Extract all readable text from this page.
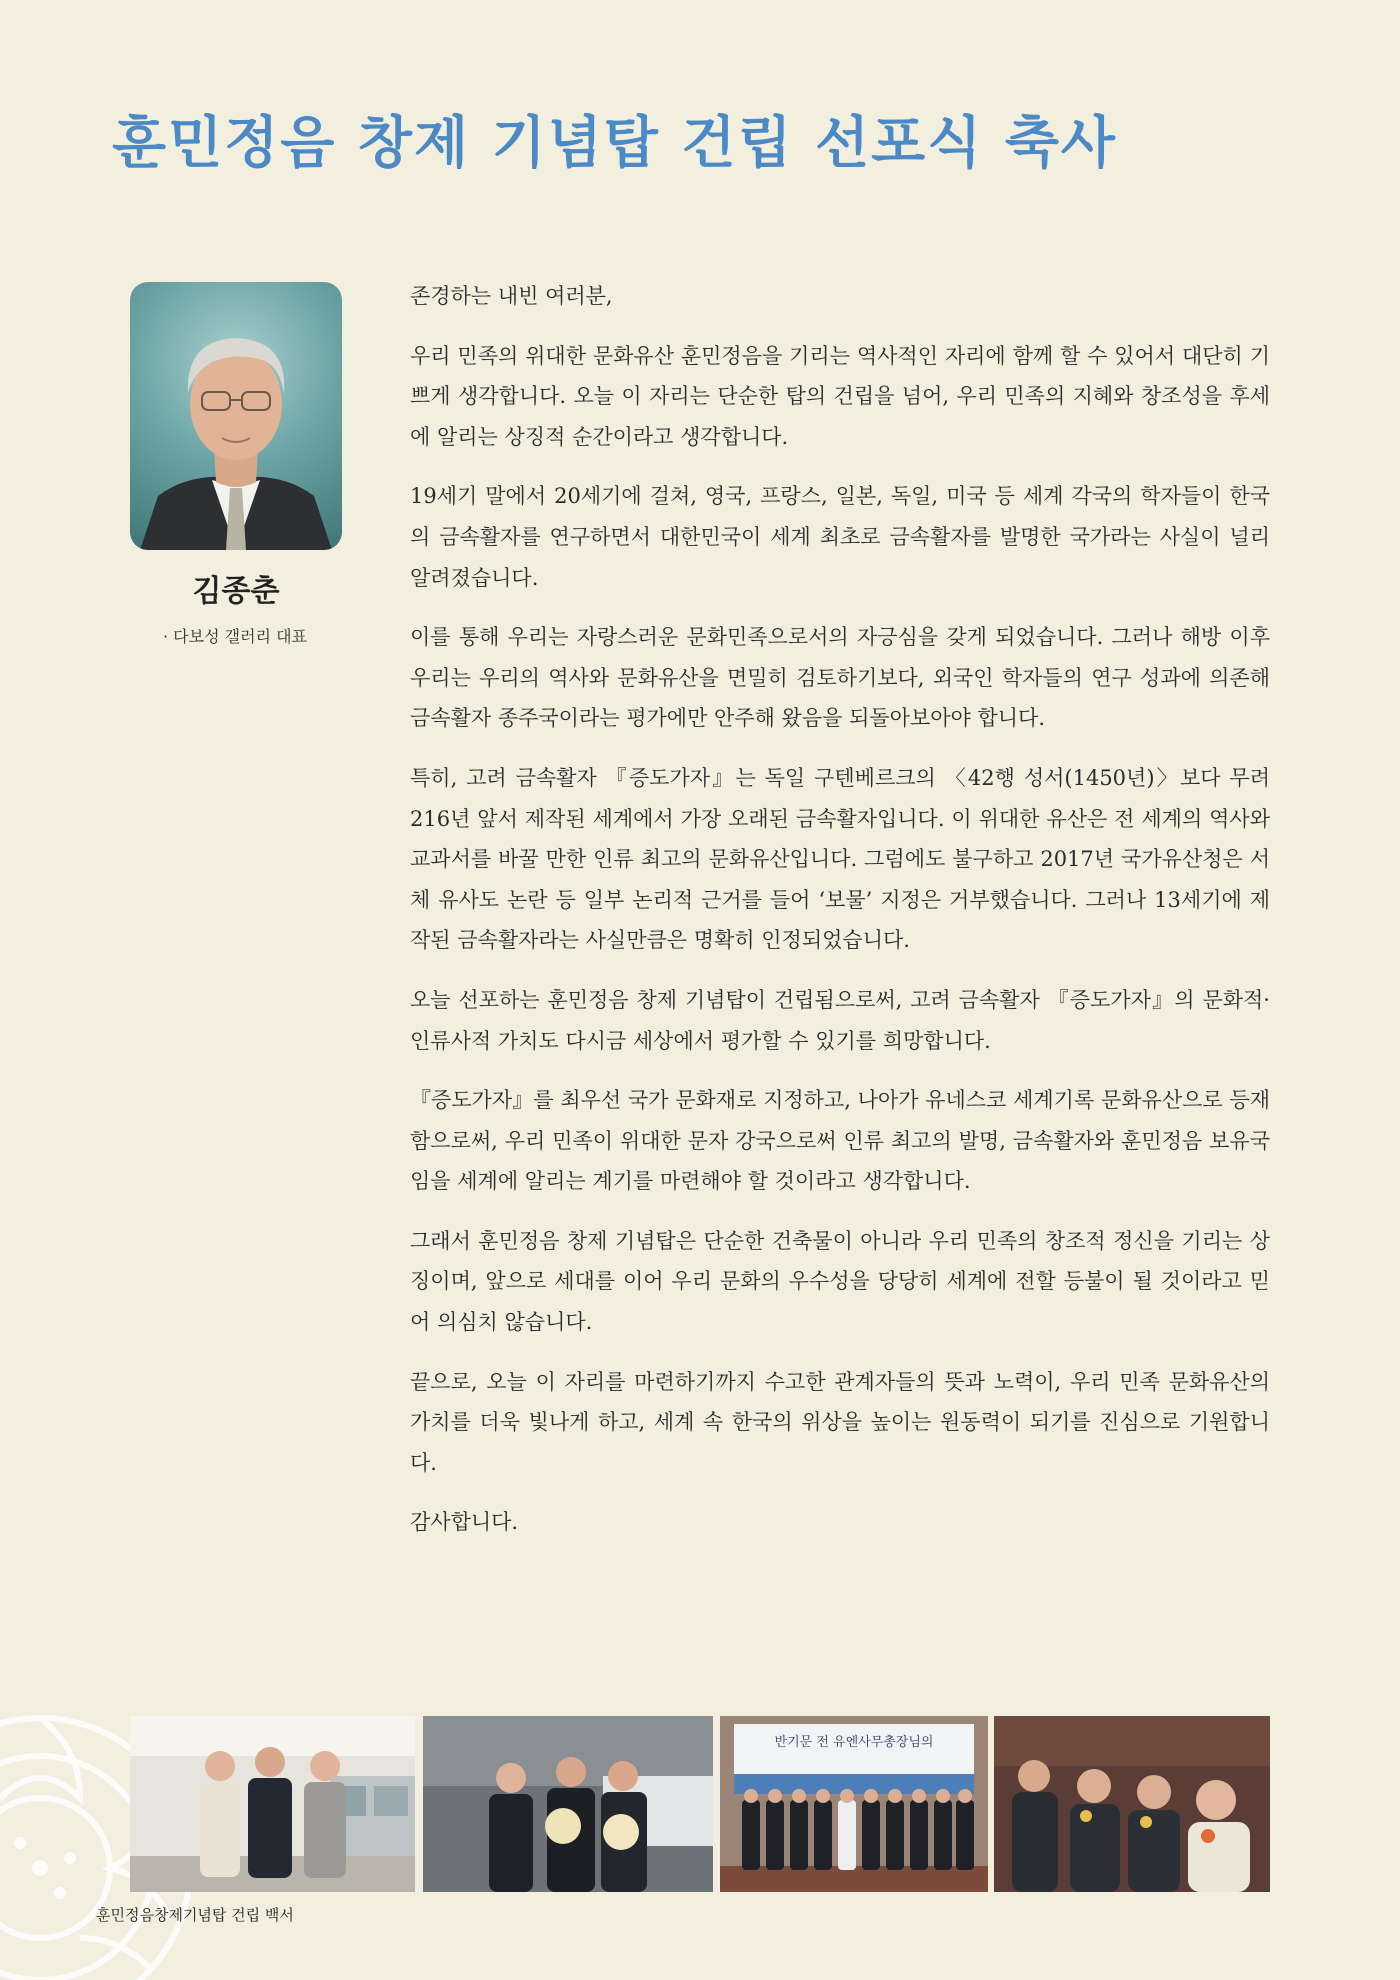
훈민정음 창제 기념탑 건립 선포식 축사
김종춘
· 다보성 갤러리 대표

존경하는 내빈 여러분,

우리 민족의 위대한 문화유산 훈민정음을 기리는 역사적인 자리에 함께 할 수 있어서 대단히 기쁘게 생각합니다. 오늘 이 자리는 단순한 탑의 건립을 넘어, 우리 민족의 지혜와 창조성을 후세에 알리는 상징적 순간이라고 생각합니다.

19세기 말에서 20세기에 걸쳐, 영국, 프랑스, 일본, 독일, 미국 등 세계 각국의 학자들이 한국의 금속활자를 연구하면서 대한민국이 세계 최초로 금속활자를 발명한 국가라는 사실이 널리 알려졌습니다.

이를 통해 우리는 자랑스러운 문화민족으로서의 자긍심을 갖게 되었습니다. 그러나 해방 이후 우리는 우리의 역사와 문화유산을 면밀히 검토하기보다, 외국인 학자들의 연구 성과에 의존해 금속활자 종주국이라는 평가에만 안주해 왔음을 되돌아보아야 합니다.

특히, 고려 금속활자 『증도가자』는 독일 구텐베르크의 〈42행 성서(1450년)〉보다 무려 216년 앞서 제작된 세계에서 가장 오래된 금속활자입니다. 이 위대한 유산은 전 세계의 역사와 교과서를 바꿀 만한 인류 최고의 문화유산입니다. 그럼에도 불구하고 2017년 국가유산청은 서체 유사도 논란 등 일부 논리적 근거를 들어 ‘보물’ 지정은 거부했습니다. 그러나 13세기에 제작된 금속활자라는 사실만큼은 명확히 인정되었습니다.

오늘 선포하는 훈민정음 창제 기념탑이 건립됨으로써, 고려 금속활자 『증도가자』의 문화적·인류사적 가치도 다시금 세상에서 평가할 수 있기를 희망합니다.

『증도가자』를 최우선 국가 문화재로 지정하고, 나아가 유네스코 세계기록 문화유산으로 등재함으로써, 우리 민족이 위대한 문자 강국으로써 인류 최고의 발명, 금속활자와 훈민정음 보유국임을 세계에 알리는 계기를 마련해야 할 것이라고 생각합니다.

그래서 훈민정음 창제 기념탑은 단순한 건축물이 아니라 우리 민족의 창조적 정신을 기리는 상징이며, 앞으로 세대를 이어 우리 문화의 우수성을 당당히 세계에 전할 등불이 될 것이라고 믿어 의심치 않습니다.

끝으로, 오늘 이 자리를 마련하기까지 수고한 관계자들의 뜻과 노력이, 우리 민족 문화유산의 가치를 더욱 빛나게 하고, 세계 속 한국의 위상을 높이는 원동력이 되기를 진심으로 기원합니다.

감사합니다.

반기문 전 유엔사무총장님의
훈민정음창제기념탑 건립 백서
